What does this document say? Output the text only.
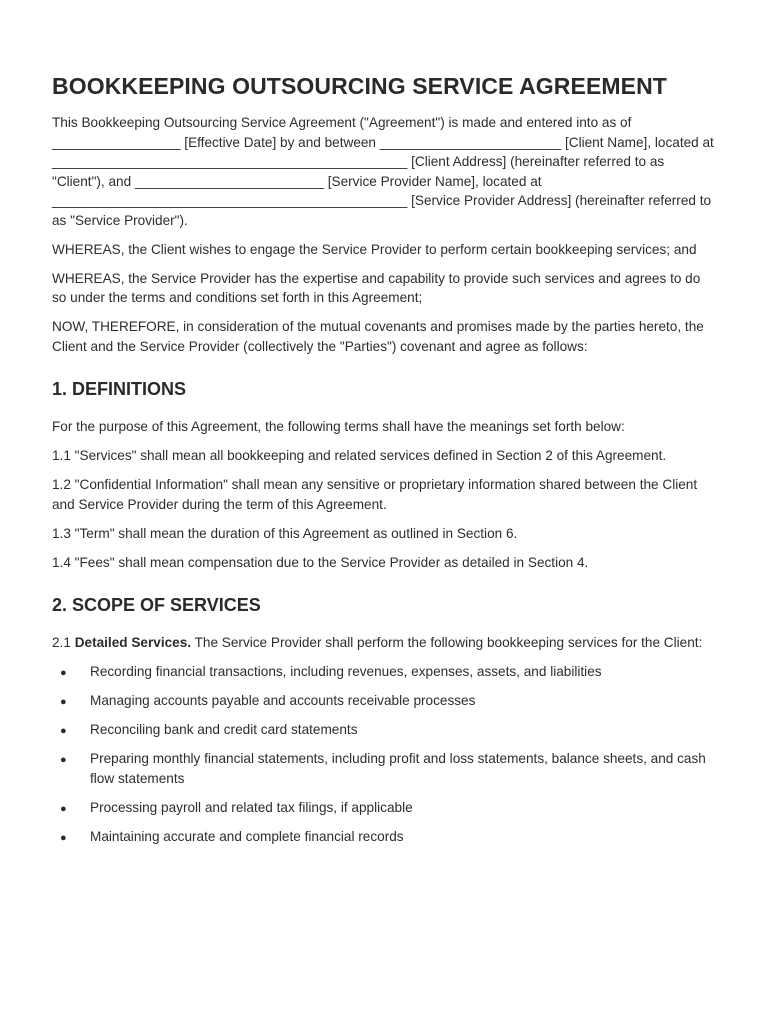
BOOKKEEPING OUTSOURCING SERVICE AGREEMENT

This Bookkeeping Outsourcing Service Agreement ("Agreement") is made and entered into as of _________________ [Effective Date] by and between ________________________ [Client Name], located at _______________________________________________ [Client Address] (hereinafter referred to as "Client"), and _________________________ [Service Provider Name], located at _______________________________________________ [Service Provider Address] (hereinafter referred to as "Service Provider").

WHEREAS, the Client wishes to engage the Service Provider to perform certain bookkeeping services; and

WHEREAS, the Service Provider has the expertise and capability to provide such services and agrees to do so under the terms and conditions set forth in this Agreement;

NOW, THEREFORE, in consideration of the mutual covenants and promises made by the parties hereto, the Client and the Service Provider (collectively the "Parties") covenant and agree as follows:

1. DEFINITIONS

For the purpose of this Agreement, the following terms shall have the meanings set forth below:

1.1 "Services" shall mean all bookkeeping and related services defined in Section 2 of this Agreement.

1.2 "Confidential Information" shall mean any sensitive or proprietary information shared between the Client and Service Provider during the term of this Agreement.

1.3 "Term" shall mean the duration of this Agreement as outlined in Section 6.

1.4 "Fees" shall mean compensation due to the Service Provider as detailed in Section 4.

2. SCOPE OF SERVICES

2.1 Detailed Services. The Service Provider shall perform the following bookkeeping services for the Client:

● Recording financial transactions, including revenues, expenses, assets, and liabilities
● Managing accounts payable and accounts receivable processes
● Reconciling bank and credit card statements
● Preparing monthly financial statements, including profit and loss statements, balance sheets, and cash flow statements
● Processing payroll and related tax filings, if applicable
● Maintaining accurate and complete financial records
